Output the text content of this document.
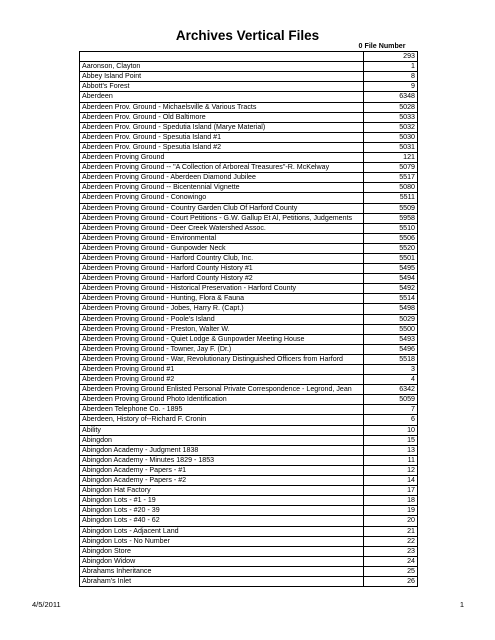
Archives Vertical Files
0	File Number
	293
Aaronson, Clayton	1
Abbey Island Point	8
Abbott's Forest	9
Aberdeen	6348
Aberdeen Prov. Ground - Michaelsville & Various Tracts	5028
Aberdeen Prov. Ground - Old Baltimore	5033
Aberdeen Prov. Ground - Spedutia Island (Marye Material)	5032
Aberdeen Prov. Ground - Spesutia Island #1	5030
Aberdeen Prov. Ground - Spesutia Island #2	5031
Aberdeen Proving Ground	121
Aberdeen Proving Ground -- "A Collection of Arboreal Treasures"-R. McKelway	5079
Aberdeen Proving Ground - Aberdeen Diamond Jubilee	5517
Aberdeen Proving Ground -- Bicentennial Vignette	5080
Aberdeen Proving Ground - Conowingo	5511
Aberdeen Proving Ground - Country Garden Club Of Harford County	5509
Aberdeen Proving Ground - Court Petitions - G.W. Gallup Et Al, Petitions, Judgements	5958
Aberdeen Proving Ground - Deer Creek Watershed Assoc.	5510
Aberdeen Proving Ground - Environmental	5506
Aberdeen Proving Ground - Gunpowder Neck	5520
Aberdeen Proving Ground - Harford Country Club, Inc.	5501
Aberdeen Proving Ground - Harford County History #1	5495
Aberdeen Proving Ground - Harford County History #2	5494
Aberdeen Proving Ground - Historical Preservation - Harford County	5492
Aberdeen Proving Ground - Hunting, Flora & Fauna	5514
Aberdeen Proving Ground - Jobes, Harry R. (Capt.)	5498
Aberdeen Proving Ground - Poole's Island	5029
Aberdeen Proving Ground - Preston, Walter W.	5500
Aberdeen Proving Ground - Quiet Lodge & Gunpowder Meeting House	5493
Aberdeen Proving Ground - Towner, Jay F. (Dr.)	5496
Aberdeen Proving Ground - War, Revolutionary Distinguished Officers from Harford	5518
Aberdeen Proving Ground #1	3
Aberdeen Proving Ground #2	4
Aberdeen Proving Ground Enlisted Personal Private Correspondence - Legrond, Jean	6342
Aberdeen Proving Ground Photo Identification	5059
Aberdeen Telephone Co. - 1895	7
Aberdeen, History of--Richard F. Cronin	6
Ability	10
Abingdon	15
Abingdon Academy - Judgment 1838	13
Abingdon Academy - Minutes 1829 - 1853	11
Abingdon Academy - Papers - #1	12
Abingdon Academy - Papers - #2	14
Abingdon Hat Factory	17
Abingdon Lots - #1 - 19	18
Abingdon Lots - #20 - 39	19
Abingdon Lots - #40 - 62	20
Abingdon Lots - Adjacent Land	21
Abingdon Lots - No Number	22
Abingdon Store	23
Abingdon Widow	24
Abrahams Inheritance	25
Abraham's Inlet	26
4/5/2011	1
